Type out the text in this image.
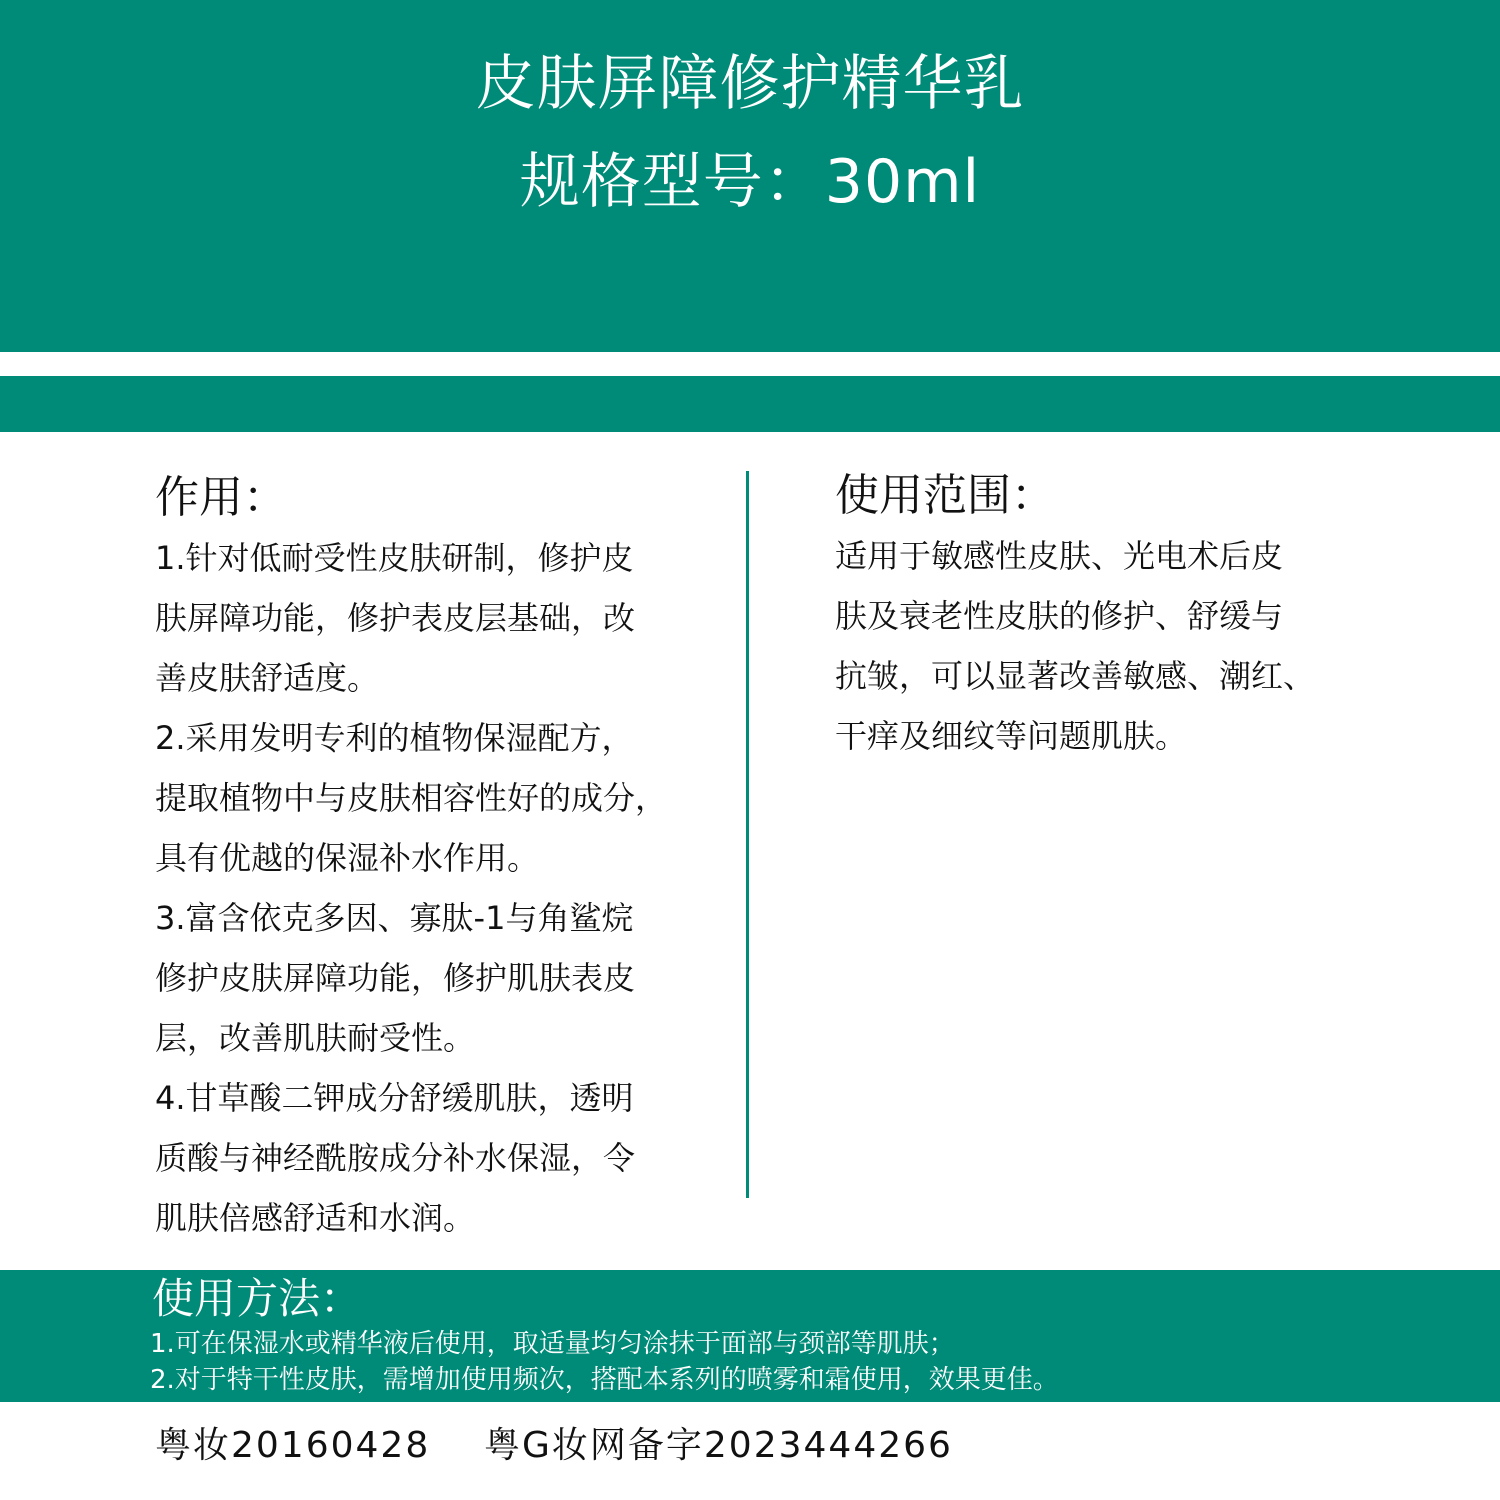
皮肤屏障修护精华乳
规格型号：30ml
作用：
1.针对低耐受性皮肤研制，修护皮
肤屏障功能，修护表皮层基础，改
善皮肤舒适度。
2.采用发明专利的植物保湿配方，
提取植物中与皮肤相容性好的成分，
具有优越的保湿补水作用。
3.富含依克多因、寡肽-1与角鲨烷
修护皮肤屏障功能，修护肌肤表皮
层，改善肌肤耐受性。
4.甘草酸二钾成分舒缓肌肤，透明
质酸与神经酰胺成分补水保湿，令
肌肤倍感舒适和水润。
使用范围：
适用于敏感性皮肤、光电术后皮
肤及衰老性皮肤的修护、舒缓与
抗皱，可以显著改善敏感、潮红、
干痒及细纹等问题肌肤。
使用方法：
1.可在保湿水或精华液后使用，取适量均匀涂抹于面部与颈部等肌肤；
2.对于特干性皮肤，需增加使用频次，搭配本系列的喷雾和霜使用，效果更佳。
粤妆20160428    粤G妆网备字2023444266
